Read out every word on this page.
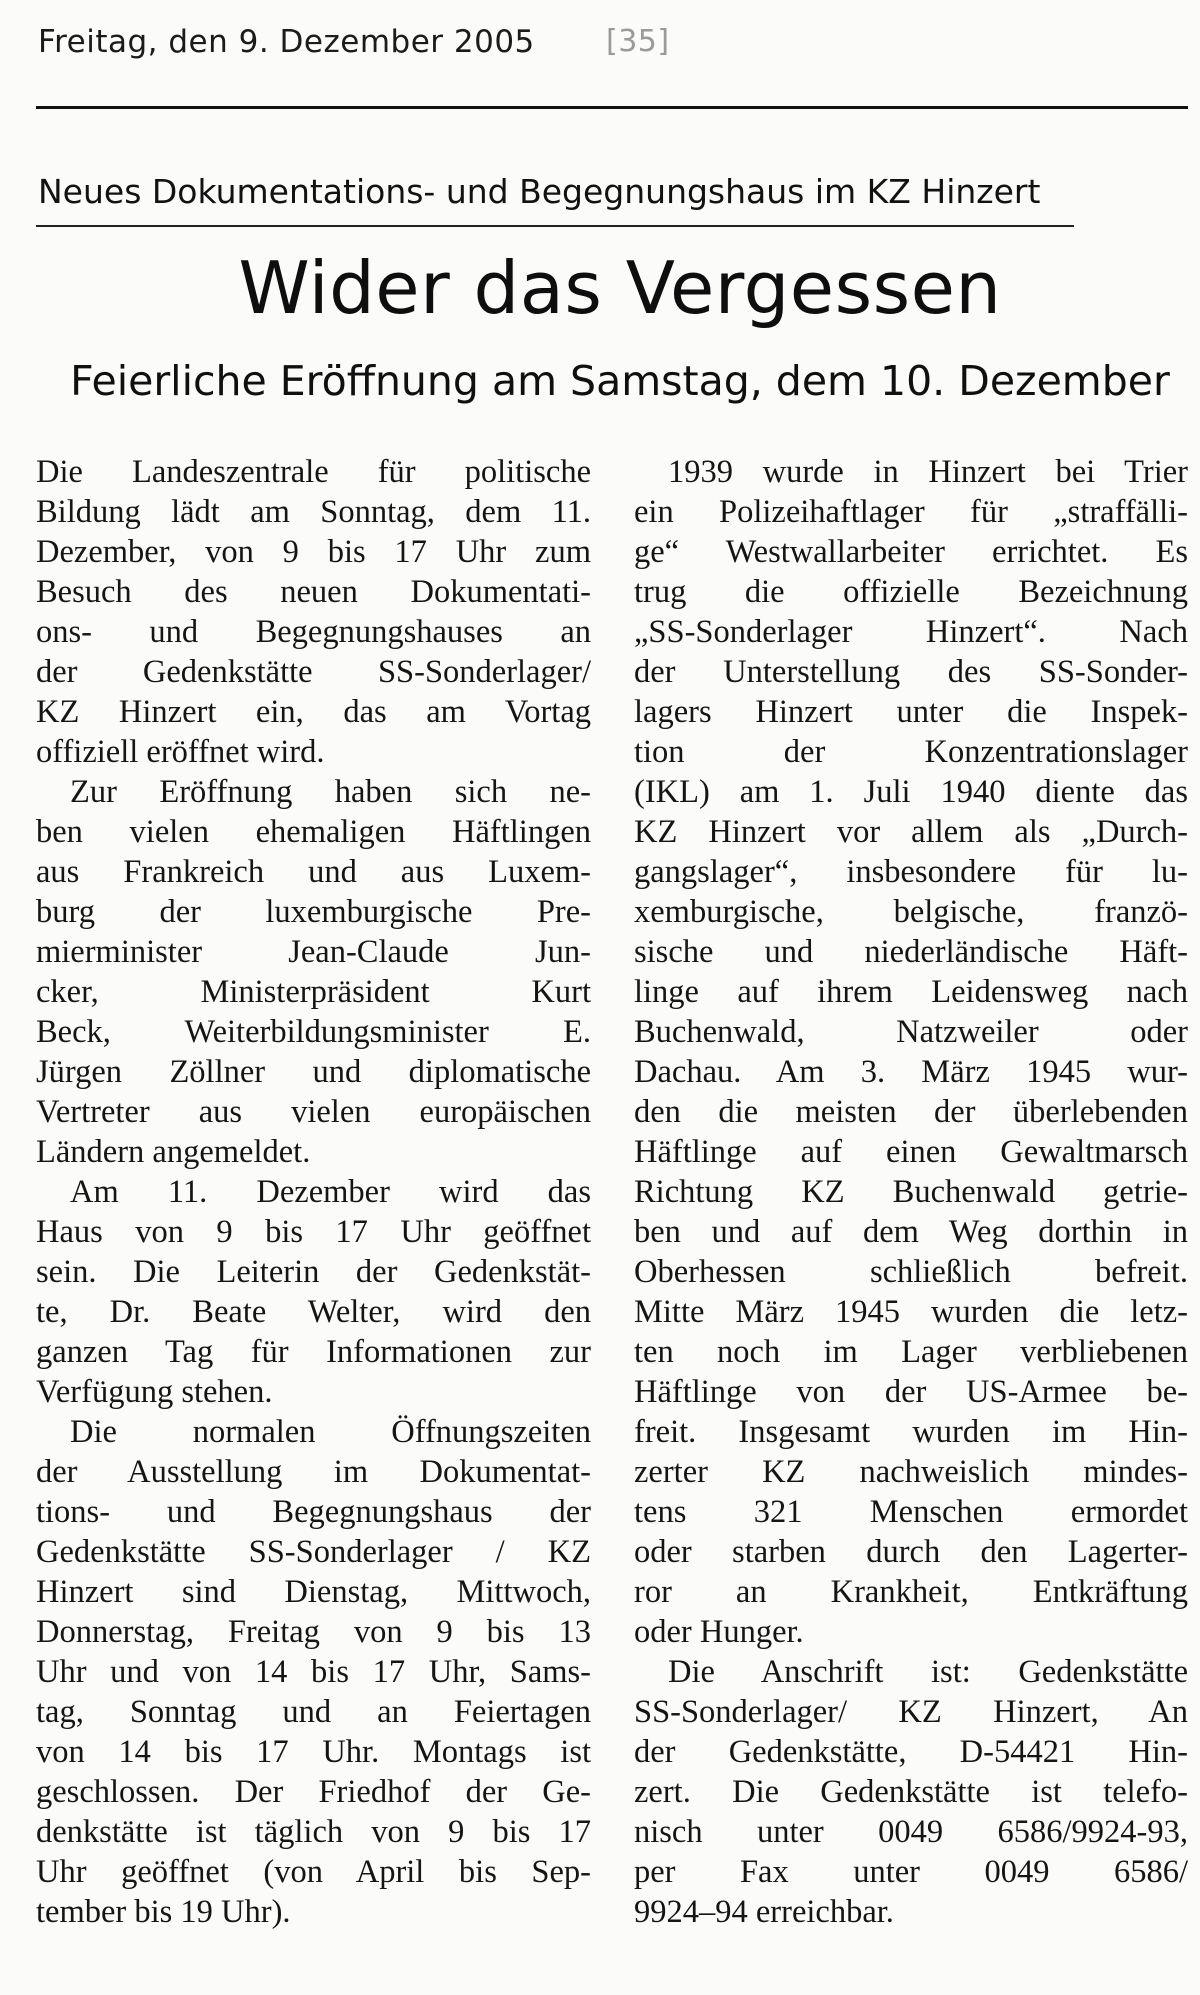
Freitag, den 9. Dezember 2005 [35]
Neues Dokumentations- und Begegnungshaus im KZ Hinzert
Wider das Vergessen
Feierliche Eröffnung am Samstag, dem 10. Dezember
Die Landeszentrale für politische
Bildung lädt am Sonntag, dem 11.
Dezember, von 9 bis 17 Uhr zum
Besuch des neuen Dokumentati-
ons- und Begegnungshauses an
der Gedenkstätte SS-Sonderlager/
KZ Hinzert ein, das am Vortag
offiziell eröffnet wird.
Zur Eröffnung haben sich ne-
ben vielen ehemaligen Häftlingen
aus Frankreich und aus Luxem-
burg der luxemburgische Pre-
mierminister Jean-Claude Jun-
cker, Ministerpräsident Kurt
Beck, Weiterbildungsminister E.
Jürgen Zöllner und diplomatische
Vertreter aus vielen europäischen
Ländern angemeldet.
Am 11. Dezember wird das
Haus von 9 bis 17 Uhr geöffnet
sein. Die Leiterin der Gedenkstät-
te, Dr. Beate Welter, wird den
ganzen Tag für Informationen zur
Verfügung stehen.
Die normalen Öffnungszeiten
der Ausstellung im Dokumentat-
tions- und Begegnungshaus der
Gedenkstätte SS-Sonderlager / KZ
Hinzert sind Dienstag, Mittwoch,
Donnerstag, Freitag von 9 bis 13
Uhr und von 14 bis 17 Uhr, Sams-
tag, Sonntag und an Feiertagen
von 14 bis 17 Uhr. Montags ist
geschlossen. Der Friedhof der Ge-
denkstätte ist täglich von 9 bis 17
Uhr geöffnet (von April bis Sep-
tember bis 19 Uhr).
1939 wurde in Hinzert bei Trier
ein Polizeihaftlager für „straffälli-
ge“ Westwallarbeiter errichtet. Es
trug die offizielle Bezeichnung
„SS-Sonderlager Hinzert“. Nach
der Unterstellung des SS-Sonder-
lagers Hinzert unter die Inspek-
tion der Konzentrationslager
(IKL) am 1. Juli 1940 diente das
KZ Hinzert vor allem als „Durch-
gangslager“, insbesondere für lu-
xemburgische, belgische, franzö-
sische und niederländische Häft-
linge auf ihrem Leidensweg nach
Buchenwald, Natzweiler oder
Dachau. Am 3. März 1945 wur-
den die meisten der überlebenden
Häftlinge auf einen Gewaltmarsch
Richtung KZ Buchenwald getrie-
ben und auf dem Weg dorthin in
Oberhessen schließlich befreit.
Mitte März 1945 wurden die letz-
ten noch im Lager verbliebenen
Häftlinge von der US-Armee be-
freit. Insgesamt wurden im Hin-
zerter KZ nachweislich mindes-
tens 321 Menschen ermordet
oder starben durch den Lagerter-
ror an Krankheit, Entkräftung
oder Hunger.
Die Anschrift ist: Gedenkstätte
SS-Sonderlager/ KZ Hinzert, An
der Gedenkstätte, D-54421 Hin-
zert. Die Gedenkstätte ist telefo-
nisch unter 0049 6586/9924-93,
per Fax unter 0049 6586/
9924–94 erreichbar.
